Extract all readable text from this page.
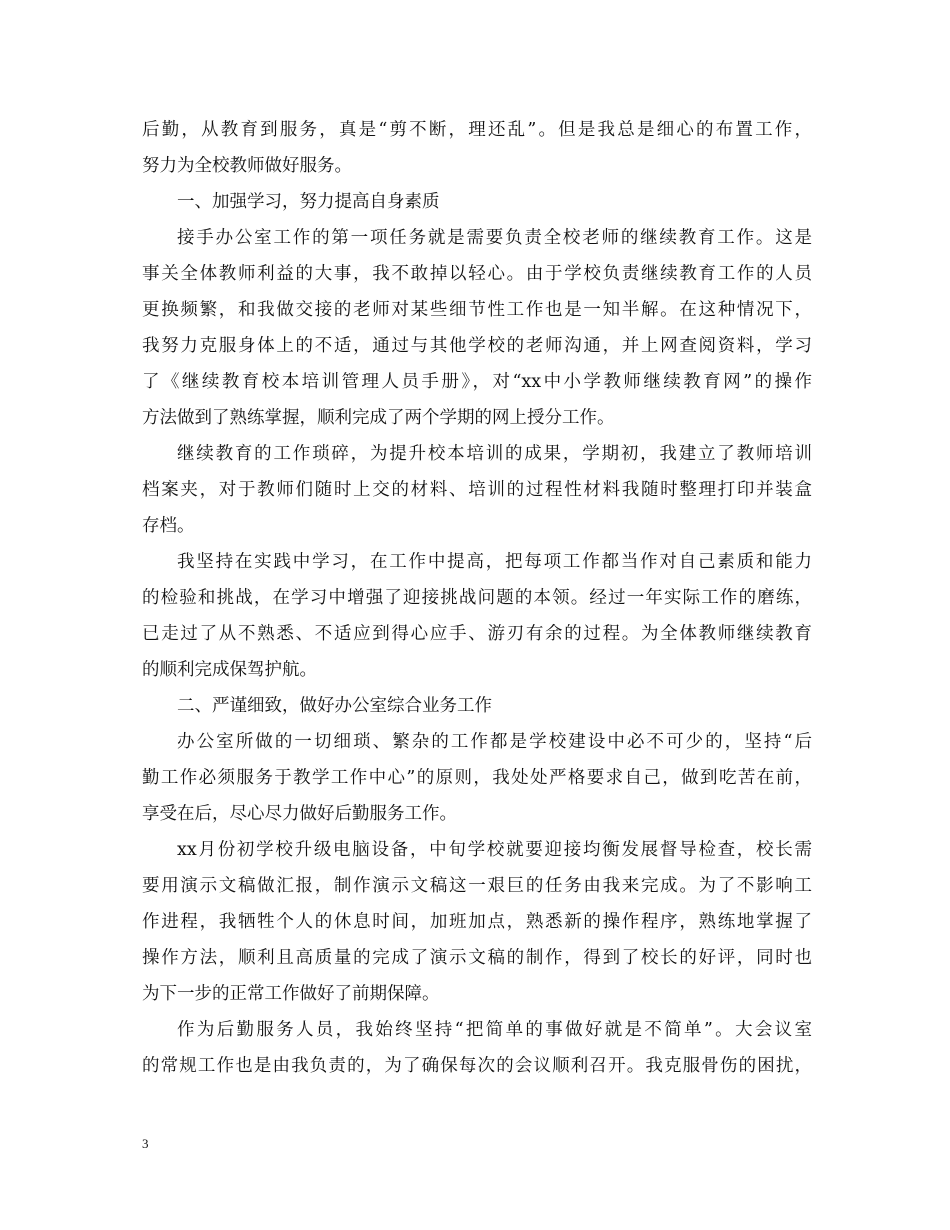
后勤，从教育到服务，真是“剪不断，理还乱”。但是我总是细心的布置工作，
努力为全校教师做好服务。
一、加强学习，努力提高自身素质
接手办公室工作的第一项任务就是需要负责全校老师的继续教育工作。这是
事关全体教师利益的大事，我不敢掉以轻心。由于学校负责继续教育工作的人员
更换频繁，和我做交接的老师对某些细节性工作也是一知半解。在这种情况下，
我努力克服身体上的不适，通过与其他学校的老师沟通，并上网查阅资料，学习
了《继续教育校本培训管理人员手册》，对“xx中小学教师继续教育网”的操作
方法做到了熟练掌握，顺利完成了两个学期的网上授分工作。
继续教育的工作琐碎，为提升校本培训的成果，学期初，我建立了教师培训
档案夹，对于教师们随时上交的材料、培训的过程性材料我随时整理打印并装盒
存档。
我坚持在实践中学习，在工作中提高，把每项工作都当作对自己素质和能力
的检验和挑战，在学习中增强了迎接挑战问题的本领。经过一年实际工作的磨练，
已走过了从不熟悉、不适应到得心应手、游刃有余的过程。为全体教师继续教育
的顺利完成保驾护航。
二、严谨细致，做好办公室综合业务工作
办公室所做的一切细琐、繁杂的工作都是学校建设中必不可少的，坚持“后
勤工作必须服务于教学工作中心”的原则，我处处严格要求自己，做到吃苦在前，
享受在后，尽心尽力做好后勤服务工作。
xx月份初学校升级电脑设备，中旬学校就要迎接均衡发展督导检查，校长需
要用演示文稿做汇报，制作演示文稿这一艰巨的任务由我来完成。为了不影响工
作进程，我牺牲个人的休息时间，加班加点，熟悉新的操作程序，熟练地掌握了
操作方法，顺利且高质量的完成了演示文稿的制作，得到了校长的好评，同时也
为下一步的正常工作做好了前期保障。
作为后勤服务人员，我始终坚持“把简单的事做好就是不简单”。大会议室
的常规工作也是由我负责的，为了确保每次的会议顺利召开。我克服骨伤的困扰，
3
